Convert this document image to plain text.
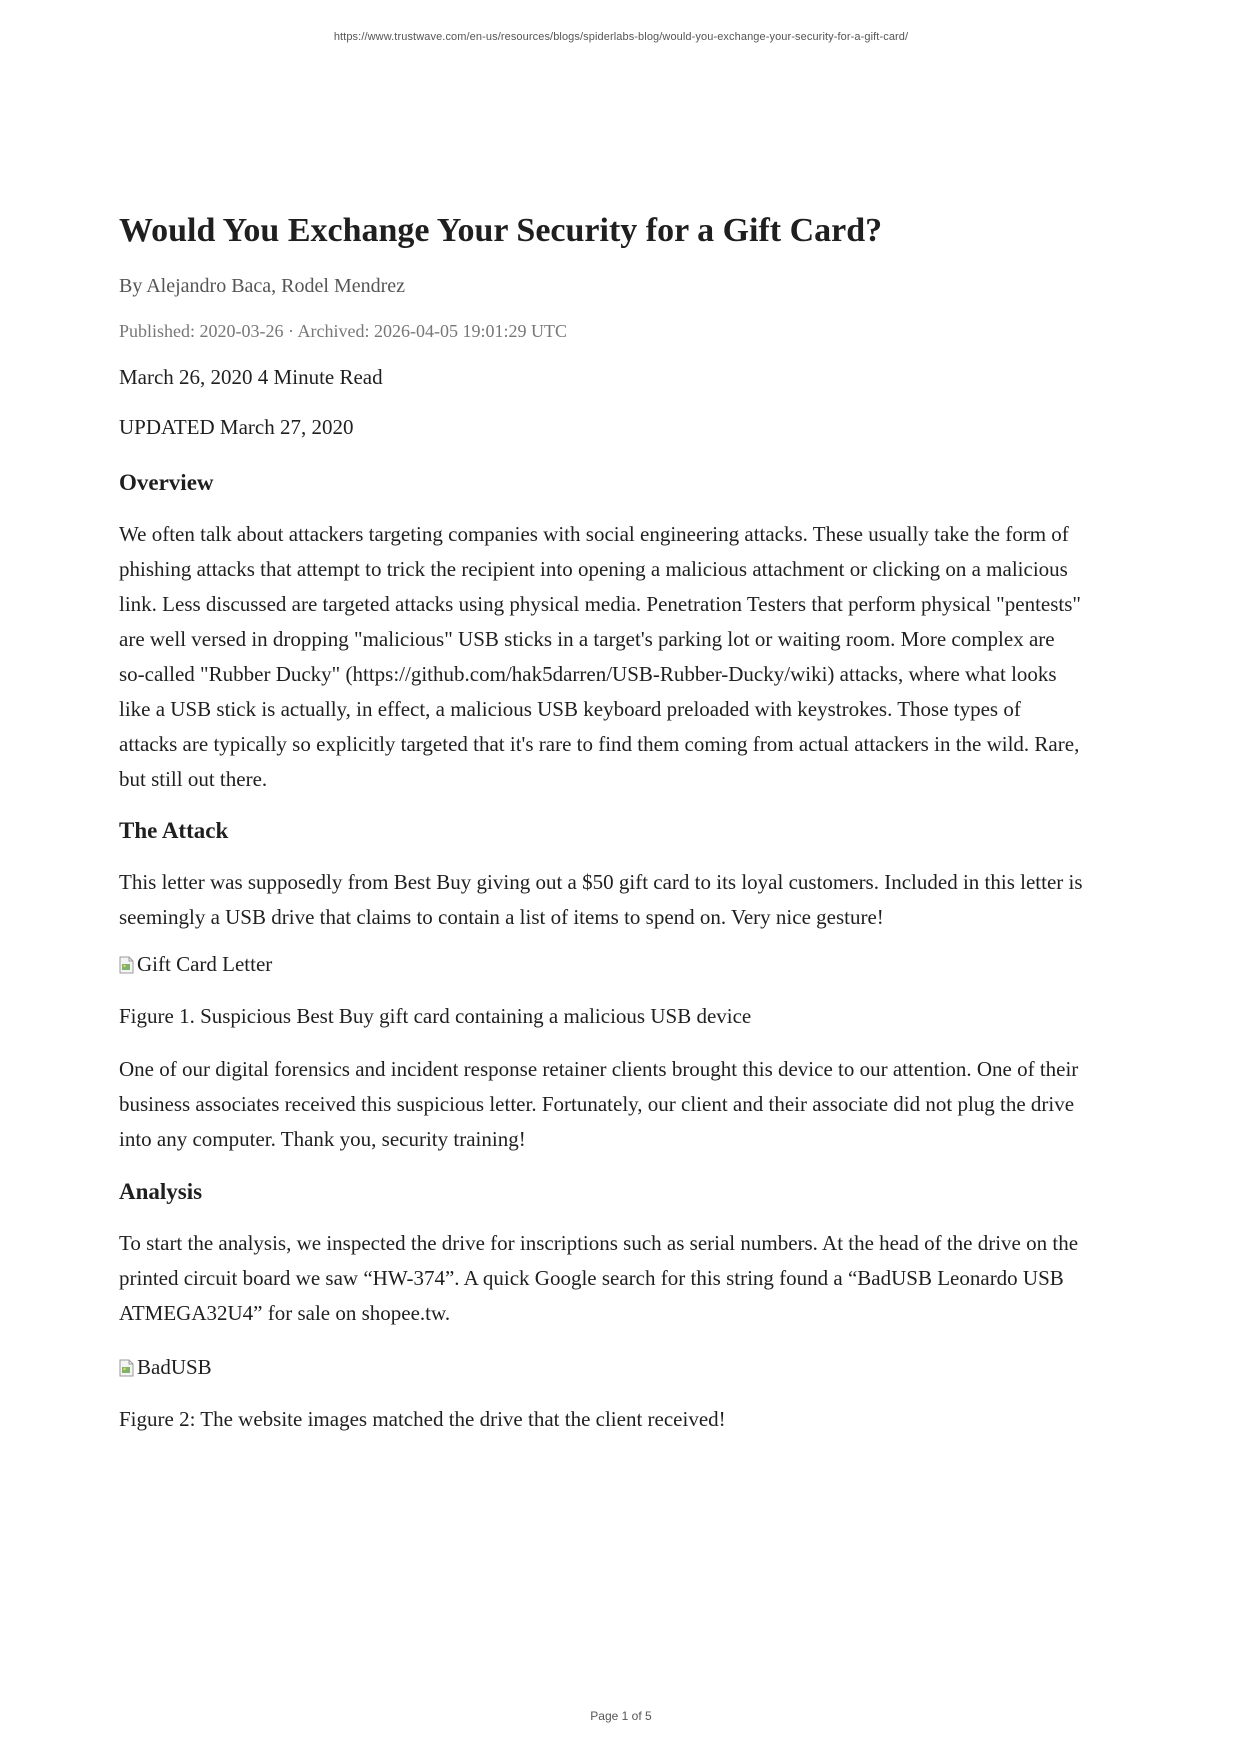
https://www.trustwave.com/en-us/resources/blogs/spiderlabs-blog/would-you-exchange-your-security-for-a-gift-card/
Would You Exchange Your Security for a Gift Card?
By Alejandro Baca, Rodel Mendrez
Published: 2020-03-26 · Archived: 2026-04-05 19:01:29 UTC
March 26, 2020 4 Minute Read
UPDATED March 27, 2020
Overview
We often talk about attackers targeting companies with social engineering attacks. These usually take the form of
phishing attacks that attempt to trick the recipient into opening a malicious attachment or clicking on a malicious
link. Less discussed are targeted attacks using physical media. Penetration Testers that perform physical "pentests"
are well versed in dropping "malicious" USB sticks in a target's parking lot or waiting room. More complex are
so-called "Rubber Ducky" (https://github.com/hak5darren/USB-Rubber-Ducky/wiki) attacks, where what looks
like a USB stick is actually, in effect, a malicious USB keyboard preloaded with keystrokes. Those types of
attacks are typically so explicitly targeted that it's rare to find them coming from actual attackers in the wild. Rare,
but still out there.
The Attack
This letter was supposedly from Best Buy giving out a $50 gift card to its loyal customers. Included in this letter is
seemingly a USB drive that claims to contain a list of items to spend on. Very nice gesture!
Gift Card Letter
Figure 1. Suspicious Best Buy gift card containing a malicious USB device
One of our digital forensics and incident response retainer clients brought this device to our attention. One of their
business associates received this suspicious letter. Fortunately, our client and their associate did not plug the drive
into any computer. Thank you, security training!
Analysis
To start the analysis, we inspected the drive for inscriptions such as serial numbers. At the head of the drive on the
printed circuit board we saw “HW-374”. A quick Google search for this string found a “BadUSB Leonardo USB
ATMEGA32U4” for sale on shopee.tw.
BadUSB
Figure 2: The website images matched the drive that the client received!
Page 1 of 5
